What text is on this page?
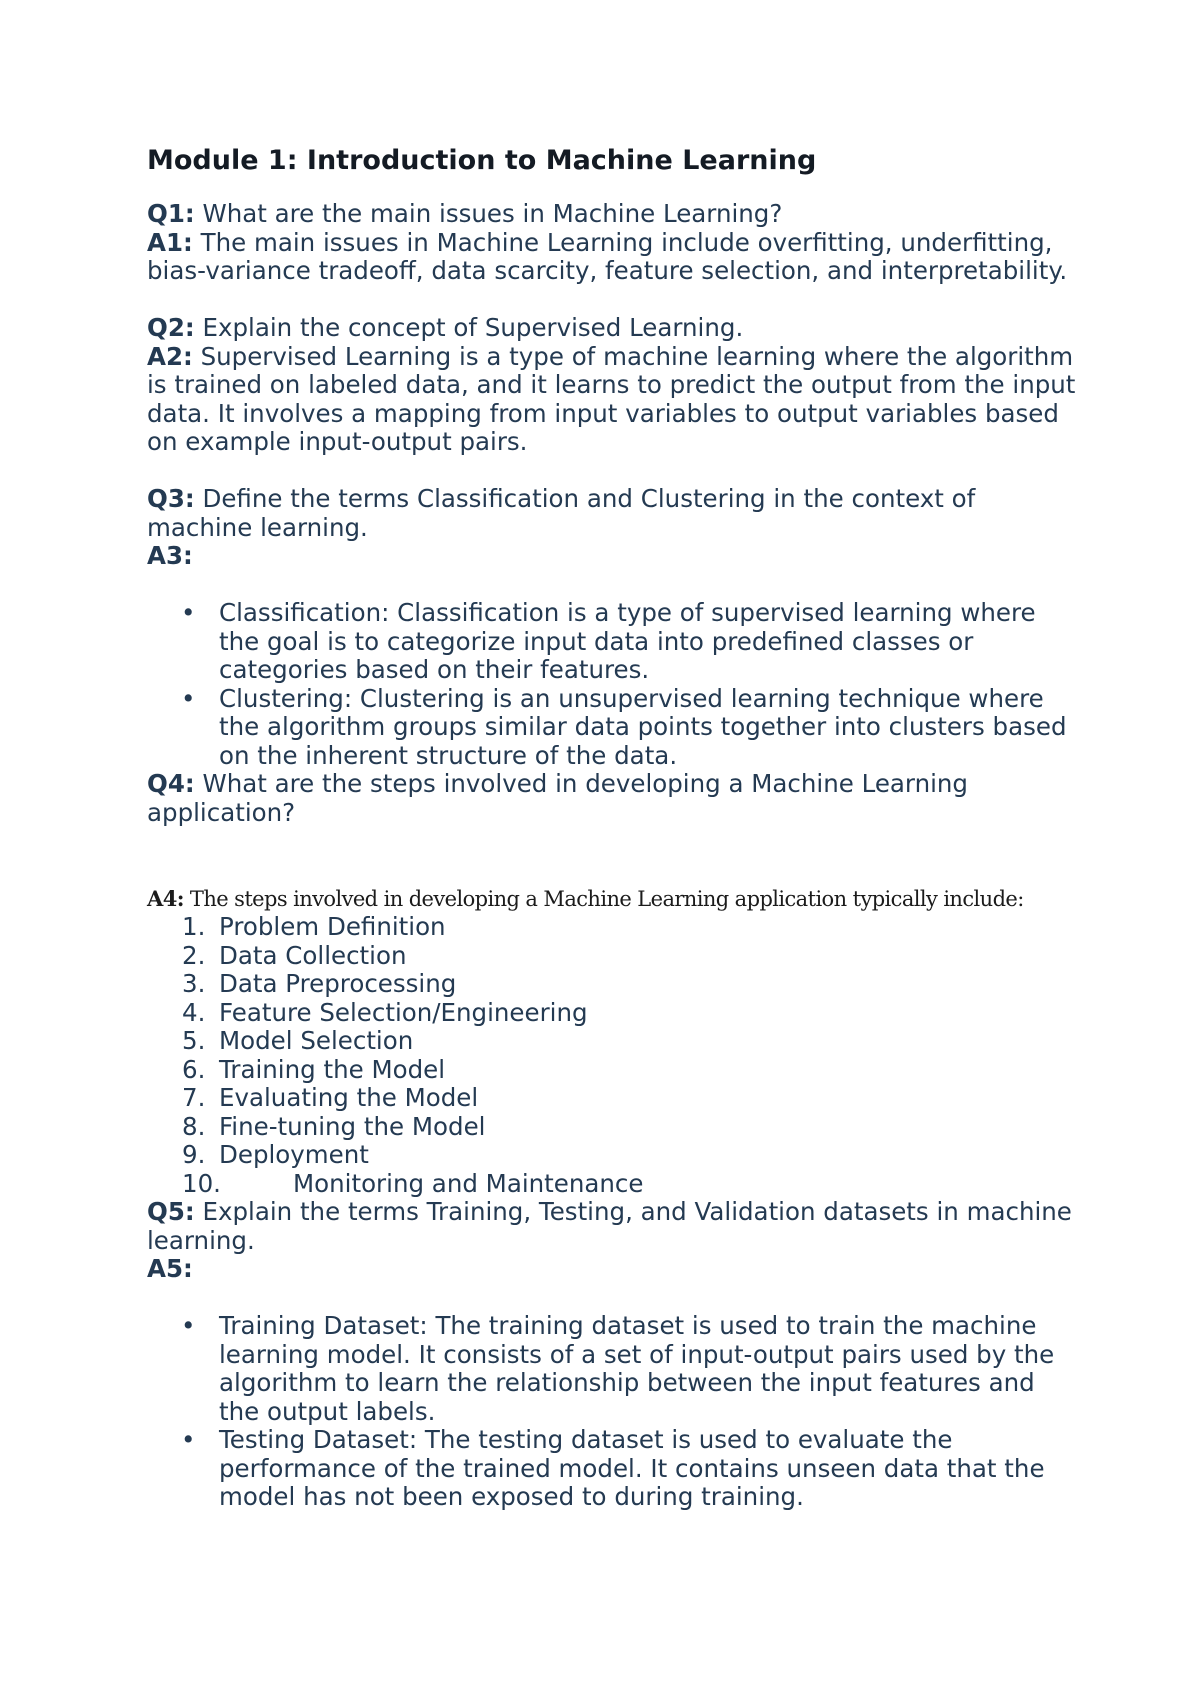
Module 1: Introduction to Machine Learning

Q1: What are the main issues in Machine Learning?

A1: The main issues in Machine Learning include overfitting, underfitting, bias-variance tradeoff, data scarcity, feature selection, and interpretability.

Q2: Explain the concept of Supervised Learning.

A2: Supervised Learning is a type of machine learning where the algorithm is trained on labeled data, and it learns to predict the output from the input data. It involves a mapping from input variables to output variables based on example input-output pairs.

Q3: Define the terms Classification and Clustering in the context of machine learning.

A3:

• Classification: Classification is a type of supervised learning where the goal is to categorize input data into predefined classes or categories based on their features.
• Clustering: Clustering is an unsupervised learning technique where the algorithm groups similar data points together into clusters based on the inherent structure of the data.

Q4: What are the steps involved in developing a Machine Learning application?

A4: The steps involved in developing a Machine Learning application typically include:

1. Problem Definition
2. Data Collection
3. Data Preprocessing
4. Feature Selection/Engineering
5. Model Selection
6. Training the Model
7. Evaluating the Model
8. Fine-tuning the Model
9. Deployment
10.	Monitoring and Maintenance

Q5: Explain the terms Training, Testing, and Validation datasets in machine learning.

A5:

• Training Dataset: The training dataset is used to train the machine learning model. It consists of a set of input-output pairs used by the algorithm to learn the relationship between the input features and the output labels.
• Testing Dataset: The testing dataset is used to evaluate the performance of the trained model. It contains unseen data that the model has not been exposed to during training.
